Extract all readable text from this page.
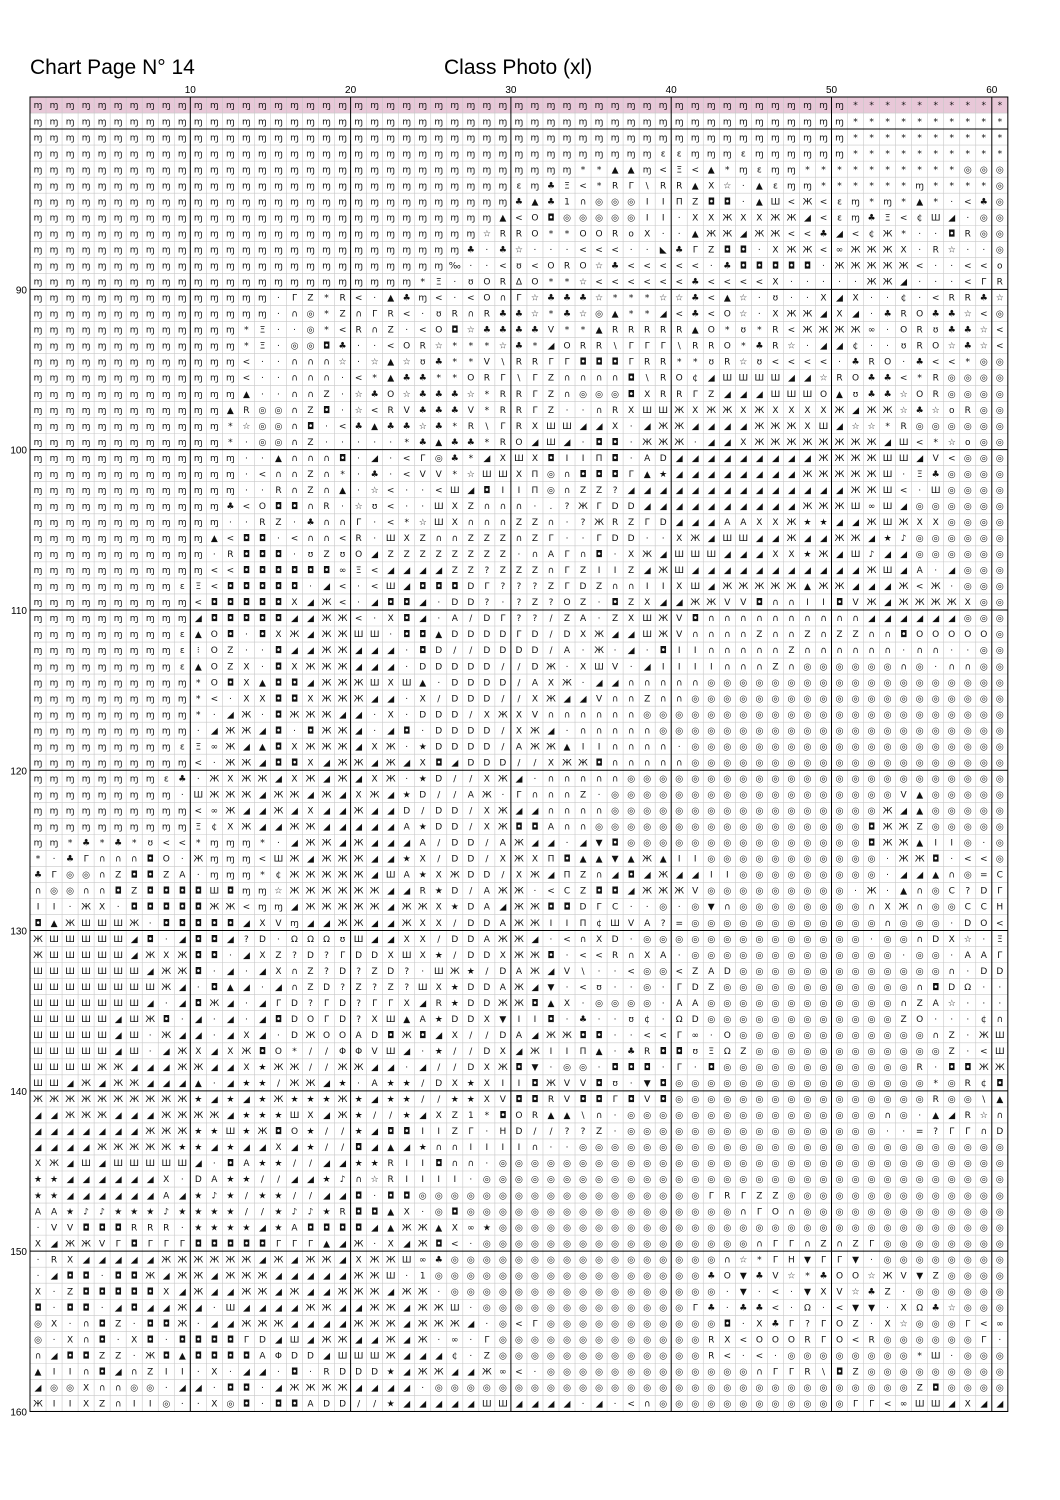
Chart Page N° 14	Class Photo (xl)
ɱ ɱ ɱ ɱ ɱ ɱ ɱ ɱ ɱ ɱ ɱ ɱ ɱ ɱ ɱ ɱ ɱ ɱ ɱ ɱ ɱ ɱ ɱ ɱ ɱ ɱ ɱ ɱ ɱ ɱ ɱ ɱ ɱ ɱ ɱ ɱ ɱ ɱ ɱ ɱ ɱ ɱ ɱ ɱ ɱ ɱ ɱ ɱ ɱ ɱ ɱ * * * * * * * * * *
ɱ ɱ ɱ ɱ ɱ ɱ ɱ ɱ ɱ ɱ ɱ ɱ ɱ ɱ ɱ ɱ ɱ ɱ ɱ ɱ ɱ ɱ ɱ ɱ ɱ ɱ ɱ ɱ ɱ ɱ ɱ ɱ ɱ ɱ ɱ ɱ ɱ ɱ ɱ ɱ ɱ ɱ ɱ ɱ ɱ ɱ ɱ ɱ ɱ ɱ ɱ * * * * * * * * * *
ɱ ɱ ɱ ɱ ɱ ɱ ɱ ɱ ɱ ɱ ɱ ɱ ɱ ɱ ɱ ɱ ɱ ɱ ɱ ɱ ɱ ɱ ɱ ɱ ɱ ɱ ɱ ɱ ɱ ɱ ɱ ɱ ɱ ɱ ɱ ɱ ɱ ɱ ɱ ɱ ɱ ɱ ɱ ɱ ɱ ɱ ɱ ɱ ɱ ɱ ɱ * * * * * * * * * *
ɱ ɱ ɱ ɱ ɱ ɱ ɱ ɱ ɱ ɱ ɱ ɱ ɱ ɱ ɱ ɱ ɱ ɱ ɱ ɱ ɱ ɱ ɱ ɱ ɱ ɱ ɱ ɱ ɱ ɱ ɱ ɱ ɱ ɱ ɱ ɱ ɱ ɱ ɱ ɛ ɛ ɱ ɱ ɱ ɛ ɱ ɱ ɱ ɱ ɱ ɱ * * * * * * * * * *
ɱ ɱ ɱ ɱ ɱ ɱ ɱ ɱ ɱ ɱ ɱ ɱ ɱ ɱ ɱ ɱ ɱ ɱ ɱ ɱ ɱ ɱ ɱ ɱ ɱ ɱ ɱ ɱ ɱ ɱ ɱ ɱ ɱ ɱ * * ▲ ▲ ɱ < Ξ < ▲ * ɱ ɛ ɱ ɱ * * * * * * * * * * ◎ ◎ ◎
ɱ ɱ ɱ ɱ ɱ ɱ ɱ ɱ ɱ ɱ ɱ ɱ ɱ ɱ ɱ ɱ ɱ ɱ ɱ ɱ ɱ ɱ ɱ ɱ ɱ ɱ ɱ ɱ ɱ ɱ ɛ ɱ ♣ Ξ < * R Γ \ R R ▲ X ☆ · ▲ ɛ ɱ ɱ * * * * * * ɱ * * * * ◎
ɱ ɱ ɱ ɱ ɱ ɱ ɱ ɱ ɱ ɱ ɱ ɱ ɱ ɱ ɱ ɱ ɱ ɱ ɱ ɱ ɱ ɱ ɱ ɱ ɱ ɱ ɱ ɱ ɱ ɱ ♣ ▲ ♣ 1 ∩ ◎ ◎ ◎ I I Π Z ◘ ◘ · ▲ Ш < Ж < ɛ ɱ * ɱ * ▲ * · < ♣ ◎
ɱ ɱ ɱ ɱ ɱ ɱ ɱ ɱ ɱ ɱ ɱ ɱ ɱ ɱ ɱ ɱ ɱ ɱ ɱ ɱ ɱ ɱ ɱ ɱ ɱ ɱ ɱ ɱ ɱ ▲ < O ◘ ◎ ◎ ◎ ◎ ◎ I I · X X Ж X X Ж Ж ◢ < ɛ ɱ ♣ Ξ < ¢ Ш ◢ · ◎ ◎
ɱ ɱ ɱ ɱ ɱ ɱ ɱ ɱ ɱ ɱ ɱ ɱ ɱ ɱ ɱ ɱ ɱ ɱ ɱ ɱ ɱ ɱ ɱ ɱ ɱ ɱ ɱ ɱ ☆ R R O * * O O R o X · · ▲ Ж Ж ◢ Ж Ж < < ♣ ◢ < ¢ Ж * · · ◘ R ◎ ◎
ɱ ɱ ɱ ɱ ɱ ɱ ɱ ɱ ɱ ɱ ɱ ɱ ɱ ɱ ɱ ɱ ɱ ɱ ɱ ɱ ɱ ɱ ɱ ɱ ɱ ɱ ɱ ♣ · ♣ ☆ · · · < < < · · ◣ ♣ Γ Z ◘ ◘ · X Ж Ж < ∞ Ж Ж Ж X · R ☆ · · ◎
ɱ ɱ ɱ ɱ ɱ ɱ ɱ ɱ ɱ ɱ ɱ ɱ ɱ ɱ ɱ ɱ ɱ ɱ ɱ ɱ ɱ ɱ ɱ ɱ ɱ ɱ ‰ · · < ʊ < O R O ☆ ♣ < < < < < · ♣ ◘ ◘ ◘ ◘ ◘ · Ж Ж Ж Ж Ж < · · < < o
ɱ ɱ ɱ ɱ ɱ ɱ ɱ ɱ ɱ ɱ ɱ ɱ ɱ ɱ ɱ ɱ ɱ ɱ ɱ ɱ ɱ ɱ ɱ ɱ * Ξ · ʊ O R Δ O * * ☆ < < < < < < ♣ < < < < X · · · · · Ж Ж ◢ · · · < Γ R
ɱ ɱ ɱ ɱ ɱ ɱ ɱ ɱ ɱ ɱ ɱ ɱ ɱ ɱ ɱ · Γ Z * R < · ▲ ♣ ɱ < · < O ∩ Γ ☆ ♣ ♣ ♣ ☆ * * * ☆ ☆ ♣ < ▲ ☆ · ʊ · · X ◢ X · · ¢ · < R R ♣ ☆
ɱ ɱ ɱ ɱ ɱ ɱ ɱ ɱ ɱ ɱ ɱ ɱ ɱ ɱ ɱ · ∩ ◎ * Z ∩ Γ R < · ʊ R ∩ R ♣ ♣ ☆ * ♣ ☆ ◎ ▲ * * ◢ < ♣ < O ☆ · X Ж Ж ◢ X ◢ · ♣ R O ♣ ♣ ☆ < ◎
ɱ ɱ ɱ ɱ ɱ ɱ ɱ ɱ ɱ ɱ ɱ ɱ ɱ * Ξ · · ◎ * < R ∩ Z · < O ◘ ☆ ♣ ♣ ♣ ♣ V * * ▲ R R R R R ▲ O * ʊ * R < Ж Ж Ж Ж ∞ · O R ʊ ♣ ♣ ☆ <
ɱ ɱ ɱ ɱ ɱ ɱ ɱ ɱ ɱ ɱ ɱ ɱ ɱ * Ξ · ◎ ◎ ◘ ♣ · · < O R ☆ * * * ☆ ♣ * ◢ O R R \ Γ Γ Γ \ R R O * ♣ R ☆ · ◢ ◢ ¢ · · ʊ R O ☆ ♣ ☆ <
ɱ ɱ ɱ ɱ ɱ ɱ ɱ ɱ ɱ ɱ ɱ ɱ ɱ < · · ∩ ∩ ∩ ☆ · ☆ ▲ ☆ ʊ ♣ * * V \ R R Γ Γ ◘ ◘ ◘ Γ R R * * ʊ R ☆ ʊ < < < < · ♣ R O · ♣ < < * ◎ ◎
ɱ ɱ ɱ ɱ ɱ ɱ ɱ ɱ ɱ ɱ ɱ ɱ ɱ < · · ∩ ∩ ∩ · < * ▲ ♣ ♣ * * O R Γ \ Γ Z ∩ ∩ ∩ ∩ ◘ \ R O ¢ ◢ Ш Ш Ш Ш ◢ ◢ ☆ R O ♣ ♣ < * R ◎ ◎ ◎ ◎
ɱ ɱ ɱ ɱ ɱ ɱ ɱ ɱ ɱ ɱ ɱ ɱ ɱ ▲ · · ∩ ∩ Z · ☆ ♣ O ☆ ♣ ♣ ♣ ☆ * R R Γ Z ∩ ◎ ◎ ◎ ◘ X R R Γ Z ◢ ◢ ◢ Ш Ш Ш O ▲ ʊ ♣ ♣ ☆ O R ◎ ◎ ◎ ◎
ɱ ɱ ɱ ɱ ɱ ɱ ɱ ɱ ɱ ɱ ɱ ɱ ▲ R ◎ ◎ ∩ Z ◘ · ☆ < R V ♣ ♣ ♣ V * R R Γ Z · · ∩ R X Ш Ш Ж X Ж Ж X Ж X X X X Ж ◢ Ж Ж ☆ ♣ ☆ o R ◎ ◎
ɱ ɱ ɱ ɱ ɱ ɱ ɱ ɱ ɱ ɱ ɱ ɱ * ☆ ◎ ◎ ∩ ◘ · < ♣ ▲ ♣ ♣ ☆ ♣ * R \ Γ R X Ш Ш ◢ ◢ X · ◢ Ж Ж ◢ ◢ ◢ ◢ Ж Ж Ж X Ш ◢ ☆ ☆ * R ◎ ◎ ◎ ◎ ◎ ◎
ɱ ɱ ɱ ɱ ɱ ɱ ɱ ɱ ɱ ɱ ɱ ɱ * · ◎ ◎ ∩ Z · · · · · * ♣ ▲ ♣ ♣ * R O ◢ Ш ◢ · ◘ ◘ · Ж Ж Ж · ◢ ◢ X Ж Ж Ж Ж Ж Ж Ж Ж ◢ Ш < * ☆ o ◎ ◎
ɱ ɱ ɱ ɱ ɱ ɱ ɱ ɱ ɱ ɱ ɱ ɱ ɱ · · ▲ ∩ ∩ ∩ ◘ · ◢ · < Γ ◎ ♣ * ◢ X Ш X ◘ I I Π ◘ · A D ◢ ◢ ◢ ◢ ◢ ◢ ◢ ◢ ◢ Ж Ж Ж Ж Ш Ш ◢ V < ◎ ◎ ◎
ɱ ɱ ɱ ɱ ɱ ɱ ɱ ɱ ɱ ɱ ɱ ɱ ɱ · < ∩ ∩ Z ∩ * · ♣ · < V V * ☆ Ш Ш X Π ◎ ∩ ◘ ◘ ◘ Γ ▲ ★ ◢ ◢ ◢ ◢ ◢ ◢ ◢ ◢ Ж Ж Ж Ж Ж Ш · Ξ ♣ ◎ ◎ ◎ ◎
ɱ ɱ ɱ ɱ ɱ ɱ ɱ ɱ ɱ ɱ ɱ ɱ ɱ · · R ∩ Z ∩ ▲ · ☆ < · · < Ш ◢ ◘ I I Π ◎ ∩ Z Z ? ◢ ◢ ◢ ◢ ◢ ◢ ◢ ◢ ◢ ◢ ◢ ◢ ◢ ◢ Ж Ж Ш < · Ш ◎ ◎ ◎ ◎
ɱ ɱ ɱ ɱ ɱ ɱ ɱ ɱ ɱ ɱ ɱ ɱ ♣ < O ◘ ◘ ∩ R · ☆ ʊ < · · Ш X Z ∩ ∩ ∩ · . ? Ж Γ D D ◢ ◢ ◢ ◢ ◢ ◢ ◢ ◢ ◢ ◢ Ж Ж Ж Ш ∞ Ш ◢ ◎ ◎ ◎ ◎ ◎ ◎
ɱ ɱ ɱ ɱ ɱ ɱ ɱ ɱ ɱ ɱ ɱ ɱ · · R Z · ♣ ∩ ∩ Γ · < * ☆ Ш X ∩ ∩ ∩ Z Z ∩ · ? Ж R Z Γ D ◢ ◢ ◢ A A X X Ж ★ ★ ◢ ◢ Ж Ш Ж X X ◎ ◎ ◎ ◎
ɱ ɱ ɱ ɱ ɱ ɱ ɱ ɱ ɱ ɱ ɱ ▲ < ◘ ◘ · < ∩ ∩ < R · Ш X Z ∩ ∩ Z Z Z ∩ Z Γ · · Γ D D · · X Ж ◢ Ш Ш ◢ ◢ Ж ◢ ◢ Ж Ж ◢ ★ ♪ ◎ ◎ ◎ ◎ ◎ ◎
ɱ ɱ ɱ ɱ ɱ ɱ ɱ ɱ ɱ ɱ ɱ · R ◘ ◘ ◘ · ʊ Z ʊ O ◢ Z Z Z Z Z Z Z Z · ∩ A Γ ∩ ◘ · X Ж ◢ Ш Ш Ш ◢ ◢ ◢ X X ★ Ж ◢ Ш ♪ ◢ ◢ ◎ ◎ ◎ ◎ ◎ ◎
ɱ ɱ ɱ ɱ ɱ ɱ ɱ ɱ ɱ ɱ ɱ < < ◘ ◘ ◘ ◘ ◘ ◘ ∞ Ξ < ◢ ◢ ◢ ◢ Z Z ? Z Z Z ∩ Γ Z I I Z ◢ Ж Ш ◢ ◢ ◢ ◢ ◢ ◢ ◢ ◢ ◢ ◢ ◢ Ж Ш ◢ A · ◢ ◎ ◎ ◎
ɱ ɱ ɱ ɱ ɱ ɱ ɱ ɱ ɱ ɛ Ξ < ◘ ◘ ◘ ◘ ◘ · ◢ < · < Ш ◢ ◘ ◘ ◘ D Γ ? ? ? Z Γ D Z ∩ ∩ I I X Ш ◢ Ж Ж Ж Ж Ж ▲ Ж Ж ◢ ◢ ◢ Ж < Ж · ◎ ◎ ◎
ɱ ɱ ɱ ɱ ɱ ɱ ɱ ɱ ɱ ɱ < ◘ ◘ ◘ ◘ ◘ X ◢ Ж < · ◢ ◘ ◘ ◢ · D D ? · ? Z ? O Z · ◘ Z X ◢ ◢ Ж Ж V V ◘ ∩ ∩ I I ◘ V Ж ◢ Ж Ж Ж Ж X ◎ ◎
ɱ ɱ ɱ ɱ ɱ ɱ ɱ ɱ ɱ ɱ ◢ ◘ ◘ ◘ ◘ ◘ ◢ ◢ Ж Ж < · X ◘ ◢ · A / D Γ ? ? / Z A · Z X Ш Ж V ◘ ∩ ∩ ∩ ∩ ∩ ∩ ∩ ∩ ∩ ∩ ◢ ◢ ◢ ◢ ◢ ◢ ◎ ◎ ◎
ɱ ɱ ɱ ɱ ɱ ɱ ɱ ɱ ɱ ɛ ▲ O ◘ · ◘ X Ж ◢ Ж Ж Ш Ш · ◘ ◘ ▲ D D D D Γ D / D X Ж ◢ ◢ Ш Ж V ∩ ∩ ∩ ∩ Z ∩ ∩ Z ∩ Z Z ∩ ∩ ◘ O O O O O ◎
ɱ ɱ ɱ ɱ ɱ ɱ ɱ ɱ ɱ ɛ ⁝ O Z · · ◘ ◢ ◢ Ж Ж ◢ ◢ ◢ · ◘ D / / D D D D / A · Ж · ◢ · ◘ I I ∩ ∩ ∩ ∩ ∩ Z ∩ ∩ ∩ ∩ ∩ ∩ · ∩ ∩ · · ◎ ◎
ɱ ɱ ɱ ɱ ɱ ɱ ɱ ɱ ɱ ɛ ▲ O Z X · ◘ X Ж Ж Ж ◢ ◢ ◢ · D D D D D / / D Ж · X Ш V · ◢ I I I I ∩ ∩ ∩ Z ∩ ◎ ◎ ◎ ◎ ◎ ◎ ∩ ◎ · ∩ ∩ ◎ ◎
ɱ ɱ ɱ ɱ ɱ ɱ ɱ ɱ ɱ ɱ * O ◘ X ▲ ◘ ◘ ◢ Ж Ж Ж Ш X Ш ▲ · D D D D / A X Ж · ◢ ◢ ∩ ∩ ∩ ∩ ∩ ◎ ◎ ◎ ◎ ◎ ◎ ◎ ◎ ◎ ◎ ◎ ◎ ◎ ◎ ◎ ◎ ◎ ◎ ◎
ɱ ɱ ɱ ɱ ɱ ɱ ɱ ɱ ɱ ɱ * < · X X ◘ ◘ X Ж Ж Ж ◢ ◢ · X / D D D / / X Ж ◢ ◢ V ∩ ∩ Z ∩ ∩ ◎ ◎ ◎ ◎ ◎ ◎ ◎ ◎ ◎ ◎ ◎ ◎ ◎ ◎ ◎ ◎ ◎ ◎ ◎ ◎
ɱ ɱ ɱ ɱ ɱ ɱ ɱ ɱ ɱ ɱ * · ◢ Ж · ◘ Ж Ж Ж ◢ ◢ · X · D D D / X Ж X V ∩ ∩ ∩ ∩ ∩ ∩ ◎ ◎ ◎ ◎ ◎ ◎ ◎ ◎ ◎ ◎ ◎ ◎ ◎ ◎ ◎ ◎ ◎ ◎ ◎ ◎ ◎ ◎ ◎
ɱ ɱ ɱ ɱ ɱ ɱ ɱ ɱ ɱ ɱ · ◢ Ж Ж ◢ ◘ · ◘ Ж Ж ◢ · ◢ ◘ · D D D D / X Ж ◢ · ∩ ∩ ∩ ∩ ∩ ◎ ◎ ◎ ◎ ◎ ◎ ◎ ◎ ◎ ◎ ◎ ◎ ◎ ◎ ◎ ◎ ◎ ◎ ◎ ◎ ◎ ◎
ɱ ɱ ɱ ɱ ɱ ɱ ɱ ɱ ɱ ɛ Ξ ∞ Ж ◢ ▲ ◘ X Ж Ж Ж ◢ X Ж · ★ D D D D / A Ж Ж ▲ I I ∩ ∩ ∩ ∩ · ◎ ◎ ◎ ◎ ◎ ◎ ◎ ◎ ◎ ◎ ◎ ◎ ◎ ◎ ◎ ◎ ◎ ◎ ◎ ◎
ɱ ɱ ɱ ɱ ɱ ɱ ɱ ɱ ɱ ɱ < · Ж Ж ◢ ◘ ◘ X ◢ Ж Ж ◢ Ж ◢ X ◘ ◢ D D D / / X Ж Ж ◘ ∩ ∩ ∩ ∩ ∩ ◎ ◎ ◎ ◎ ◎ ◎ ◎ ◎ ◎ ◎ ◎ ◎ ◎ ◎ ◎ ◎ ◎ ◎ ◎ ◎
ɱ ɱ ɱ ɱ ɱ ɱ ɱ ɱ ɛ ♣ · Ж X Ж Ж ◢ X Ж ◢ Ж ◢ X Ж · ★ D / / X Ж ◢ · ∩ ∩ ∩ ∩ ∩ ◎ ◎ ◎ ◎ ◎ ◎ ◎ ◎ ◎ ◎ ◎ ◎ ◎ ◎ ◎ ◎ ◎ ◎ ◎ ◎ ◎ ◎ ◎ ◎
ɱ ɱ ɱ ɱ ɱ ɱ ɱ ɱ ɱ · Ш Ж Ж Ж ◢ Ж Ж ◢ Ж ◢ X Ж ◢ ★ D / / A Ж · Γ ∩ ∩ ∩ Z · ◎ ◎ ◎ ◎ ◎ ◎ ◎ ◎ ◎ ◎ ◎ ◎ ◎ ◎ ◎ ◎ ◎ ◎ V ▲ ◎ ◎ ◎ ◎ ◎
ɱ ɱ ɱ ɱ ɱ ɱ ɱ ɱ ɱ ɱ < ∞ Ж ◢ ◢ Ж ◢ X ◢ ◢ Ж ◢ ◢ D / D D / X Ж ◢ ◢ ∩ ∩ ∩ ∩ ◎ ◎ ◎ ◎ ◎ ◎ ◎ ◎ ◎ ◎ ◎ ◎ ◎ ◎ ◎ ◎ ◎ Ж ◢ ▲ ◎ ◎ ◎ ◎ ◎
ɱ ɱ ɱ ɱ ɱ ɱ ɱ ɱ ɱ ɱ Ξ ¢ X Ж ◢ ◢ Ж Ж ◢ ◢ ◢ ◢ ◢ A ★ D D / X Ж ◘ ◘ A ∩ ∩ ◎ ◎ ◎ ◎ ◎ ◎ ◎ ◎ ◎ ◎ ◎ ◎ ◎ ◎ ◎ ◎ ◎ ◘ Ж Ж Z ◎ ◎ ◎ ◎ ◎
ɱ ɱ * ♣ * ♣ * ʊ < < * ɱ ɱ ɱ * · ◢ Ж Ж ◢ Ж ◢ ◢ ◢ A / D D / A Ж ◢ ◢ · ◢ ▼ ◘ ◎ ◎ ◎ ◎ ◎ ◎ ◎ ◎ ◎ ◎ ◎ ◎ ◎ ◎ ◎ ◘ Ж Ж ▲ I I ◎ · ◎
* · ♣ Γ ∩ ∩ ∩ ◘ O · Ж ɱ ɱ ɱ < Ш Ж ◢ Ж Ж Ж ◢ ◢ ★ X / D D / X Ж X Π ◘ ▲ ▲ ▼ ▲ Ж ▲ I I ◎ ◎ ◎ ◎ ◎ ◎ ◎ ◎ ◎ ◎ ◎ · Ж Ж ◘ · < < ◎
♣ Γ ◎ ◎ ∩ Z ◘ ◘ Z A · ɱ ɱ ɱ * ¢ Ж Ж Ж Ж Ж ◢ Ш A ★ X Ж D D / X Ж ◢ Π Z ∩ ◢ ◘ ◢ Ж ◢ ◢ I I ◎ ◎ ◎ ◎ ◎ ◎ ◎ ◎ ◎ · ◢ ◢ ▲ ∩ ◎ = C
∩ ◎ ◎ ∩ ∩ ◘ Z ◘ ◘ ◘ ◘ Ш ◘ ɱ ɱ ☆ Ж Ж Ж Ж Ж Ж ◢ ◢ R ★ D / A Ж Ж · < C Z ◘ ◘ ◢ Ж Ж Ж V ◎ ◎ ◎ ◎ ◎ ◎ ◎ ◎ ◎ · Ж · ▲ ∩ ◎ C ? D Γ
I I · Ж X · ◘ ◘ ◘ ◘ ◘ Ж Ж < ɱ ɱ ◢ Ж Ж Ж Ж Ж ◢ Ж Ж X ★ D A ◢ Ж Ж ◘ ◘ D Γ C · · ◎ · ◎ ▼ ∩ ◎ ◎ ◎ ◎ ◎ ◎ ◎ ◎ ∩ X Ж ∩ ◎ ◎ C C H
◘ ▲ Ж Ш Ш Ш Ж · ◘ ◘ ◘ ◘ ◘ ◢ X V ɱ ◢ ◢ Ж Ж ◢ ◢ Ж X X / D D A Ж Ж I I Π ¢ Ш V A ? = ◎ ◎ ◎ ◎ ◎ ◎ ◎ ◎ ◎ ◎ ◎ ◎ ∩ ◎ ◎ ◎ · D O <
Ж Ш Ш Ш Ш Ш ◢ ◘ · ◢ ◘ ◘ ◢ ? D · Ω Ω Ω ʊ Ш ◢ ◢ X X / D D A Ж Ж ◢ · < ∩ X D · ◎ ◎ ◎ ◎ ◎ ◎ ◎ ◎ ◎ ◎ ◎ ◎ ◎ ◎ · ◎ ◎ ∩ D X ☆ · Ξ
Ж Ш Ш Ш Ш Ш ◢ Ж X Ж ◘ ◘ · ◢ X Z ? D ? Γ D D X Ш X ★ / D D X Ж Ж ◘ · < < R ∩ X A · ◎ ◎ ◎ ◎ ◎ ◎ ◎ ◎ ◎ ◎ ◎ ◎ ◎ · ◎ ◎ · A A Γ
Ш Ш Ш Ш Ш Ш Ш ◢ Ж Ж ◘ · ◢ · ◢ X ∩ Z ? D ? Z D ? · Ш Ж ★ / D A Ж ◢ V \ · · < ◎ ◎ < Z A D ◎ ◎ ◎ ◎ ◎ ◎ ◎ ◎ ◎ ◎ ◎ ◎ ◎ ∩ · D D
Ш Ш Ш Ш Ш Ш Ш Ш Ж ◢ · ◘ ▲ ◢ · ◢ ∩ Z D ? Z ? Z ? Ш X ★ D D A Ж ◢ ▼ · < ʊ · · ◎ · Γ D Z ◎ ◎ ◎ ◎ ◎ ◎ ◎ ◎ ◎ ◎ ◎ ◎ ∩ ◘ D Ω · ·
Ш Ш Ш Ш Ш Ш Ш ◢ · ◢ ◘ Ж ◢ · ◢ Γ D ? Γ D ? Γ Γ X ◢ R ★ D D Ж Ж ◘ ▲ X · ◎ ◎ ◎ ◎ · A A ◎ ◎ ◎ ◎ ◎ ◎ ◎ ◎ ◎ ◎ ◎ ◎ ∩ Z A ☆ · · ·
Ш Ш Ш Ш Ш ◢ Ш Ж ◘ · ◢ · ◢ · ◢ ◘ D O Γ D ? X Ш ▲ A ★ D D X ▼ I I ◘ · ♣ · · ʊ ¢ · Ω D ◎ ◎ ◎ ◎ ◎ ◎ ◎ ◎ ◎ ◎ ◎ ◎ Z O · · · ¢ ∩
Ш Ш Ш Ш Ш ◢ Ш · Ж ◢ ◢ · ◢ X ◢ · D Ж O O A D ◘ Ж ◘ ◢ X / / D A ◢ Ж Ж ◘ ◘ · · < < Γ ∞ · O ◎ ◎ ◎ ◎ ◎ ◎ ◎ ◎ ◎ ◎ ◎ ◎ ∩ Z · Ж Ш
Ш Ш Ш Ш Ш ◢ Ш · ◢ Ж X ◢ X Ж ◘ O * / / Φ Φ V Ш ◢ · ★ / / D X ◢ Ж I I Π ▲ · ♣ R ◘ ◘ ʊ Ξ Ω Z ◎ ◎ ◎ ◎ ◎ ◎ ◎ ◎ ◎ ◎ ◎ ◎ Z · < Ш
Ш Ш Ш Ш Ж Ж ◢ ◢ ◢ Ж Ж ◢ ◢ X ★ Ж Ж / / Ж Ж ◢ ◢ · ◢ / / D X Ж ◘ ▼ · ◎ ◎ · ◘ ◘ ◘ · Γ · ◘ ◎ ◎ ◎ ◎ ◎ ◎ ◎ ◎ ◎ ◎ ◎ ◎ R · ◘ ◘ Ж Ж
Ш Ш ◢ Ж ◢ Ж Ж ◢ ◢ ◢ ▲ · ◢ ★ ★ / Ж Ж ◢ ★ · A ★ ★ / D X ★ X I I ◘ Ж V V ◘ ʊ · ▼ ◘ ◎ ◎ ◎ ◎ ◎ ◎ ◎ ◎ ◎ ◎ ◎ ◎ ◎ ◎ ◎ ◎ * ◎ R ¢ ◘
Ж Ж Ж Ж Ж Ж Ж Ж Ж Ж ★ ◢ ★ ◢ ★ Ж ★ ★ ★ Ж ★ ◢ ★ ★ / / ★ ★ X V ◘ ◘ R V ◘ ◘ Γ ◘ V ◘ ◎ ◎ ◎ ◎ ◎ ◎ ◎ ◎ ◎ ◎ ◎ ◎ ◎ ◎ ◎ ◎ R ◎ ◎ \ ▲
◢ ◢ Ж Ж Ж ◢ ◢ ◢ Ж Ж Ж Ж ◢ ★ ★ ★ Ш X ◢ Ж ★ / / ★ ◢ X Z 1 * ◘ O R ▲ ▲ \ ∩ · ◎ ◎ ◎ ◎ ◎ ◎ ◎ ◎ ◎ ◎ ◎ ◎ ◎ ◎ ◎ ◎ ∩ ◎ · ▲ ◢ R ☆ ∩
◢ ◢ ◢ ◢ ◢ ◢ ◢ Ж Ж Ж ★ ★ Ш ★ Ж ◘ O ★ / / ★ ◢ ◘ ◘ I I Z Γ · H D / / ? ? Z · ◎ ◎ ◎ ◎ ◎ ◎ ◎ ◎ ◎ ◎ ◎ ◎ ◎ ◎ ◎ ◎ · · = ? Γ Γ ∩ D
◢ ◢ ◢ ◢ Ж Ж Ж Ж Ж ★ ★ ◢ ★ ◢ ◢ X ◢ ★ / / ◘ ◢ ▲ ◢ ★ ∩ ∩ I I I I ∩ · · ◎ ◎ ◎ ◎ ◎ ◎ ◎ ◎ ◎ ◎ ◎ ◎ ◎ ◎ ◎ ◎ ◎ ◎ ◎ ◎ ◎ ◎ ◎ ◎ ◎ ◎ ◎
X Ж ◢ Ш ◢ Ш Ш Ш Ш Ш ◢ · ◘ A ★ ★ / / ◢ ◢ ★ ★ R I I ◘ ∩ ∩ · ◎ ◎ ◎ ◎ ◎ ◎ ◎ ◎ ◎ ◎ ◎ ◎ ◎ ◎ ◎ ◎ ◎ ◎ ◎ ◎ ◎ ◎ ◎ ◎ ◎ ◎ ◎ ◎ ◎ ◎ ◎ ◎
★ ★ ◢ ◢ ◢ ◢ ◢ ◢ X · D A ★ ★ / / ◢ ◢ ★ ♪ ∩ ☆ R I I I I · ◎ ◎ ◎ ◎ ◎ ◎ ◎ ◎ ◎ ◎ ◎ ◎ ◎ ◎ ◎ ◎ ◎ ◎ ◎ ◎ ◎ ◎ ◎ ◎ ◎ ◎ ◎ ◎ ◎ ◎ ◎ ◎ ◎
★ ★ ◢ ◢ ◢ ◢ ◢ ◢ A ◢ ★ ♪ ★ / ★ ★ / / ◢ ◢ ◘ · ◘ ◘ ◎ ◎ ◎ ◎ ◎ ◎ ◎ ◎ ◎ ◎ ◎ ◎ ◎ ◎ ◎ ◎ ◎ ◎ Γ R Γ Z Z ◎ ◎ ◎ ◎ ◎ ◎ ◎ ◎ ◎ ◎ ◎ ◎ ◎ ◎
A A ★ ♪ ♪ ★ ★ ★ ♪ ★ ★ ★ ★ / / ★ ♪ ♪ ★ R ◘ ◘ ▲ X · ◎ ◘ ◎ ◎ ◎ ◎ ◎ ◎ ◎ ◎ ◎ ◎ ◎ ◎ ◎ ◎ ◎ ◎ ◎ ∩ Γ O ∩ ◎ ◎ ◎ ◎ ◎ ◎ ◎ ◎ ◎ ◎ ◎ ◎ ◎
· V V ◘ ◘ ◘ R R R · ★ ★ ★ ★ ◢ ★ A ◘ ◘ ◘ ◘ ◢ ▲ Ж Ж ▲ X ∞ ★ ◎ ◎ ◎ ◎ ◎ ◎ ◎ ◎ ◎ ◎ ◎ ◎ ◎ ◎ ◎ ◎ ◎ ◎ ◎ ◎ ◎ ◎ ◎ ◎ ◎ ◎ ◎ ◎ ◎ ◎ ◎ ◎
X ◢ Ж Ж V Γ ◘ Γ Γ Γ ◘ ◘ ◘ ◘ ◘ Γ Γ Γ ▲ ◢ Ж · X ◢ Ж ◘ < · ◎ ◎ ◎ ◎ ◎ ◎ ◎ ◎ ◎ ◎ ◎ ◎ ◎ ◎ ◎ ◎ ◎ ∩ Γ Γ ∩ Z ∩ Z Γ ◎ ◎ ◎ ◎ ◎ ◎ ◎ ◎
· R X ◢ ◢ ◢ ◢ ◢ Ж Ж Ж Ж Ж Ж ◢ Ж ◢ Ж Ж ◢ X Ж Ж Ш ∞ ♣ ◎ ◎ ◎ ◎ ◎ ◎ ◎ ◎ ◎ ◎ ◎ ◎ ◎ ◎ ◎ ◎ ◎ ∩ ☆ * Γ H ▼ Γ Γ ▼ · ◎ ◎ ◎ ◎ ◎ ◎ ◎ ◎
· ◢ ◘ ◘ · ◘ ◘ Ж ◢ Ж Ж ◢ Ж Ж Ж ◢ ◢ ◢ ◢ ◢ Ж Ж Ш · 1 ◎ ◎ ◎ ◎ ◎ ◎ ◎ ◎ ◎ ◎ ◎ ◎ ◎ ◎ ◎ ◎ ◎ ♣ O ▼ ♣ V ☆ * ♣ O O ☆ Ж V ▼ Z ◎ ◎ ◎ ◎
X · Z ◘ ◘ ◘ ◘ ◘ X ◢ Ж ◢ ◢ Ж Ж ◢ Ж ◢ ◢ Ж Ж Ж ◢ Ж Ж · ◎ ◎ ◎ ◎ ◎ ◎ ◎ ◎ ◎ ◎ ◎ ◎ ◎ ◎ ◎ ◎ ◎ · ▼ · < · ▼ X V ☆ ♣ Z · ◎ ◎ ◎ ◎ ◎ ◎
◘ · ◘ ◘ · ◢ ◘ ◢ ◢ Ж ◢ · Ш ◢ ◢ ◢ ◢ Ж Ж ◢ ◢ Ж Ж ◢ Ж Ж Ш · ◎ ◎ ◎ ◎ ◎ ◎ ◎ ◎ ◎ ◎ ◎ ◎ ◎ Γ ♣ · ♣ ♣ < · Ω · < ▼ ▼ · X Ω ♣ ☆ ◎ ◎ ◎
◎ X · ∩ ◘ Z · ◘ ◘ Ж · ◢ ◢ Ж Ж Ж ◢ ◢ ◢ ◢ Ж Ж Ж ◢ Ж Ж Ж ◢ · ◎ < Γ ◎ ◎ ◎ ◎ ◎ ◎ ◎ ◎ ◎ ◎ ◎ ◘ · X ♣ Γ ? Γ O Z · X ☆ ◎ ◎ ◎ Γ < ∞
◎ · X ∩ ◘ · X ◘ · ◘ ◘ ◘ ◘ Γ D ◢ Ш ◢ Ж Ж ◢ ◢ Ж ◢ Ж · ∞ · Γ ◎ ◎ ◎ ◎ ◎ ◎ ◎ ◎ ◎ ◎ ◎ ◎ ◎ R X < O O O R Γ O < R ◎ ◎ ◎ ◎ ◎ ◎ Γ ·
∩ ◢ ◘ ◘ Z Z · Ж ◘ ▲ ◘ ◘ ◘ ◘ A Φ D D ◢ Ш Ш Ш Ж ◢ ◢ ◢ ¢ · Z ◎ ◎ ◎ ◎ ◎ ◎ ◎ ◎ ◎ ◎ ◎ ◎ ◎ R < · < · ◎ ◎ ◎ ◎ ◎ ◎ ◎ ◎ * Ш · ◎ ◎ ◎
▲ I I ∩ ◘ ◢ ∩ Z I I · X · ◢ ◢ · ◘ · R D D D ★ ◢ Ж Ж ◢ ◢ Ж ∞ < · ◎ ◎ ◎ ◎ ◎ ◎ ◎ ◎ ◎ ◎ ◎ ◎ ◎ ∩ Γ Γ R \ ◘ Z ◎ ◎ ◎ ◎ ◎ ◎ ◎ ◎ ◎
◢ ◎ ◎ X ∩ ∩ ◎ ◎ · ◢ ◢ · ◘ ◘ · ◢ Ж Ж Ж Ж ◢ ◢ ◢ ◢ · ◎ ◎ ◎ ◎ ◎ ◎ ◎ ◎ ◎ ◎ ◎ ◎ ◎ ◎ ◎ ◎ ◎ ◎ ◎ ◎ ◎ ◎ ◎ ◎ ◎ ◎ ◎ ◎ ◎ ◎ Z ◘ ◎ ◎ ◎ ◎
Ж I I X Z ∩ I I ◎ · · X ◎ ◘ · ◘ ◘ A D D / / ★ ◢ ◢ ◢ ◢ ◢ Ш Ш ◢ ◢ ◢ ◢ · ◢ · < ∩ ◎ ◎ ◎ ◎ ◎ ◎ ◎ ◎ ◎ ◎ ◎ ◎ Γ Γ < ∞ Ш Ш ◢ X ◢ ◢
10	20	30	40	50	60
90
100
110
120
130
140
150
160
